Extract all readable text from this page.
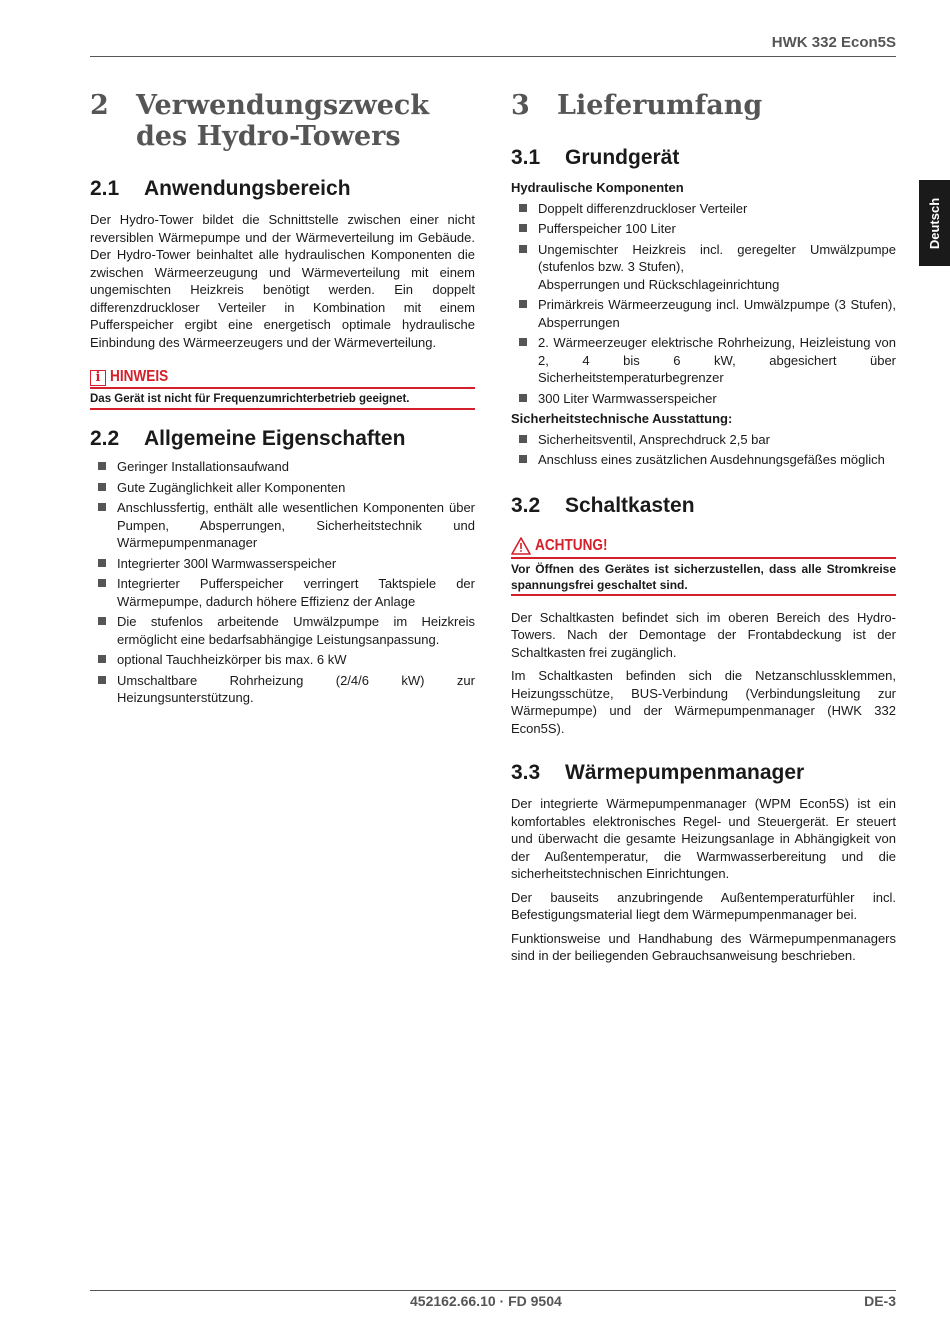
HWK 332 Econ5S
Deutsch
452162.66.10 · FD 9504	DE-3
2	Verwendungszweck des Hydro-Towers
2.1	Anwendungsbereich

Der Hydro-Tower bildet die Schnittstelle zwischen einer nicht reversiblen Wärmepumpe und der Wärmeverteilung im Gebäude. Der Hydro-Tower beinhaltet alle hydraulischen Komponenten die zwischen Wärmeerzeugung und Wärmeverteilung mit einem ungemischten Heizkreis benötigt werden. Ein doppelt differenzdruckloser Verteiler in Kombination mit einem Pufferspeicher ergibt eine energetisch optimale hydraulische Einbindung des Wärmeerzeugers und der Wärmeverteilung.

i HINWEIS
Das Gerät ist nicht für Frequenzumrichterbetrieb geeignet.
2.2	Allgemeine Eigenschaften
Geringer Installationsaufwand
Gute Zugänglichkeit aller Komponenten
Anschlussfertig, enthält alle wesentlichen Komponenten über Pumpen, Absperrungen, Sicherheitstechnik und Wärmepumpenmanager
Integrierter 300l Warmwasserspeicher
Integrierter Pufferspeicher verringert Taktspiele der Wärmepumpe, dadurch höhere Effizienz der Anlage
Die stufenlos arbeitende Umwälzpumpe im Heizkreis ermöglicht eine bedarfsabhängige Leistungsanpassung.
optional Tauchheizkörper bis max. 6 kW
Umschaltbare Rohrheizung (2/4/6 kW) zur Heizungsunterstützung.
3	Lieferumfang
3.1	Grundgerät
Hydraulische Komponenten
Doppelt differenzdruckloser Verteiler
Pufferspeicher 100 Liter
Ungemischter Heizkreis incl. geregelter Umwälzpumpe (stufenlos bzw. 3 Stufen),
Absperrungen und Rückschlageinrichtung
Primärkreis Wärmeerzeugung incl. Umwälzpumpe (3 Stufen), Absperrungen
2. Wärmeerzeuger elektrische Rohrheizung, Heizleistung von 2, 4 bis 6 kW, abgesichert über Sicherheitstemperaturbegrenzer
300 Liter Warmwasserspeicher
Sicherheitstechnische Ausstattung:
Sicherheitsventil, Ansprechdruck 2,5 bar
Anschluss eines zusätzlichen Ausdehnungsgefäßes möglich
3.2	Schaltkasten
ACHTUNG!
Vor Öffnen des Gerätes ist sicherzustellen, dass alle Stromkreise spannungsfrei geschaltet sind.

Der Schaltkasten befindet sich im oberen Bereich des Hydro-Towers. Nach der Demontage der Frontabdeckung ist der Schaltkasten frei zugänglich.

Im Schaltkasten befinden sich die Netzanschlussklemmen, Heizungsschütze, BUS-Verbindung (Verbindungsleitung zur Wärmepumpe) und der Wärmepumpenmanager (HWK 332 Econ5S).

3.3	Wärmepumpenmanager

Der integrierte Wärmepumpenmanager (WPM Econ5S) ist ein komfortables elektronisches Regel- und Steuergerät. Er steuert und überwacht die gesamte Heizungsanlage in Abhängigkeit von der Außentemperatur, die Warmwasserbereitung und die sicherheitstechnischen Einrichtungen.

Der bauseits anzubringende Außentemperaturfühler incl. Befestigungsmaterial liegt dem Wärmepumpenmanager bei.

Funktionsweise und Handhabung des Wärmepumpenmanagers sind in der beiliegenden Gebrauchsanweisung beschrieben.
